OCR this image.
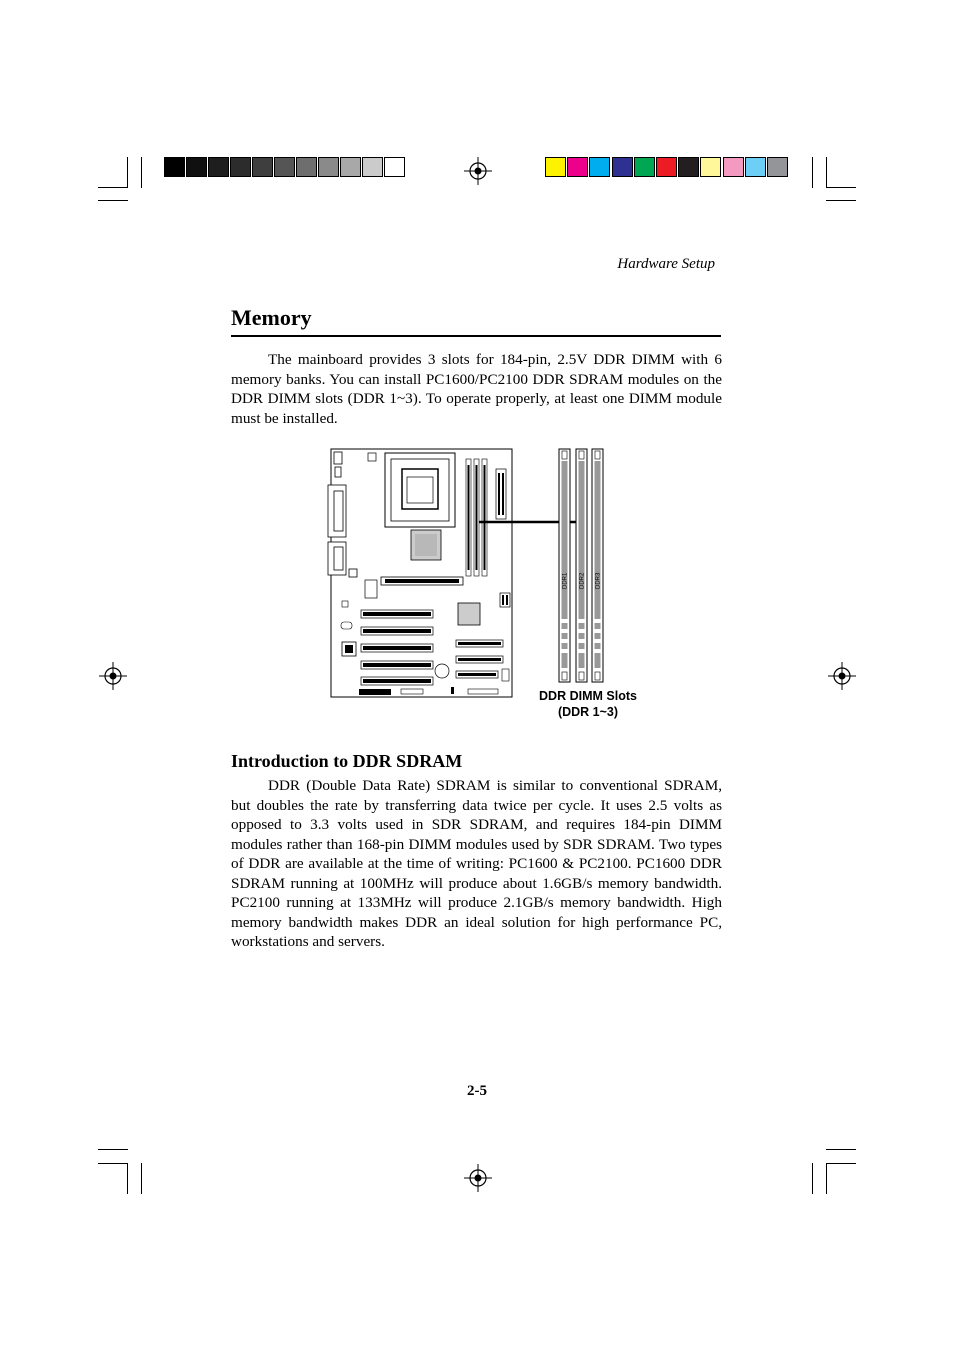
Hardware Setup
Memory
The mainboard provides 3 slots for 184-pin, 2.5V DDR DIMM with 6 memory banks. You can install PC1600/PC2100 DDR SDRAM modules on the DDR DIMM slots (DDR 1~3). To operate properly, at least one DIMM module must be installed.
DDR1 DDR2 DDR3
DDR DIMM Slots
(DDR 1~3)
Introduction to DDR SDRAM
DDR (Double Data Rate) SDRAM is similar to conventional SDRAM, but doubles the rate by transferring data twice per cycle. It uses 2.5 volts as opposed to 3.3 volts used in SDR SDRAM, and requires 184-pin DIMM modules rather than 168-pin DIMM modules used by SDR SDRAM. Two types of DDR are available at the time of writing: PC1600 & PC2100. PC1600 DDR SDRAM running at 100MHz will produce about 1.6GB/s memory bandwidth. PC2100 running at 133MHz will produce 2.1GB/s memory bandwidth. High memory bandwidth makes DDR an ideal solution for high performance PC, workstations and servers.
2-5
